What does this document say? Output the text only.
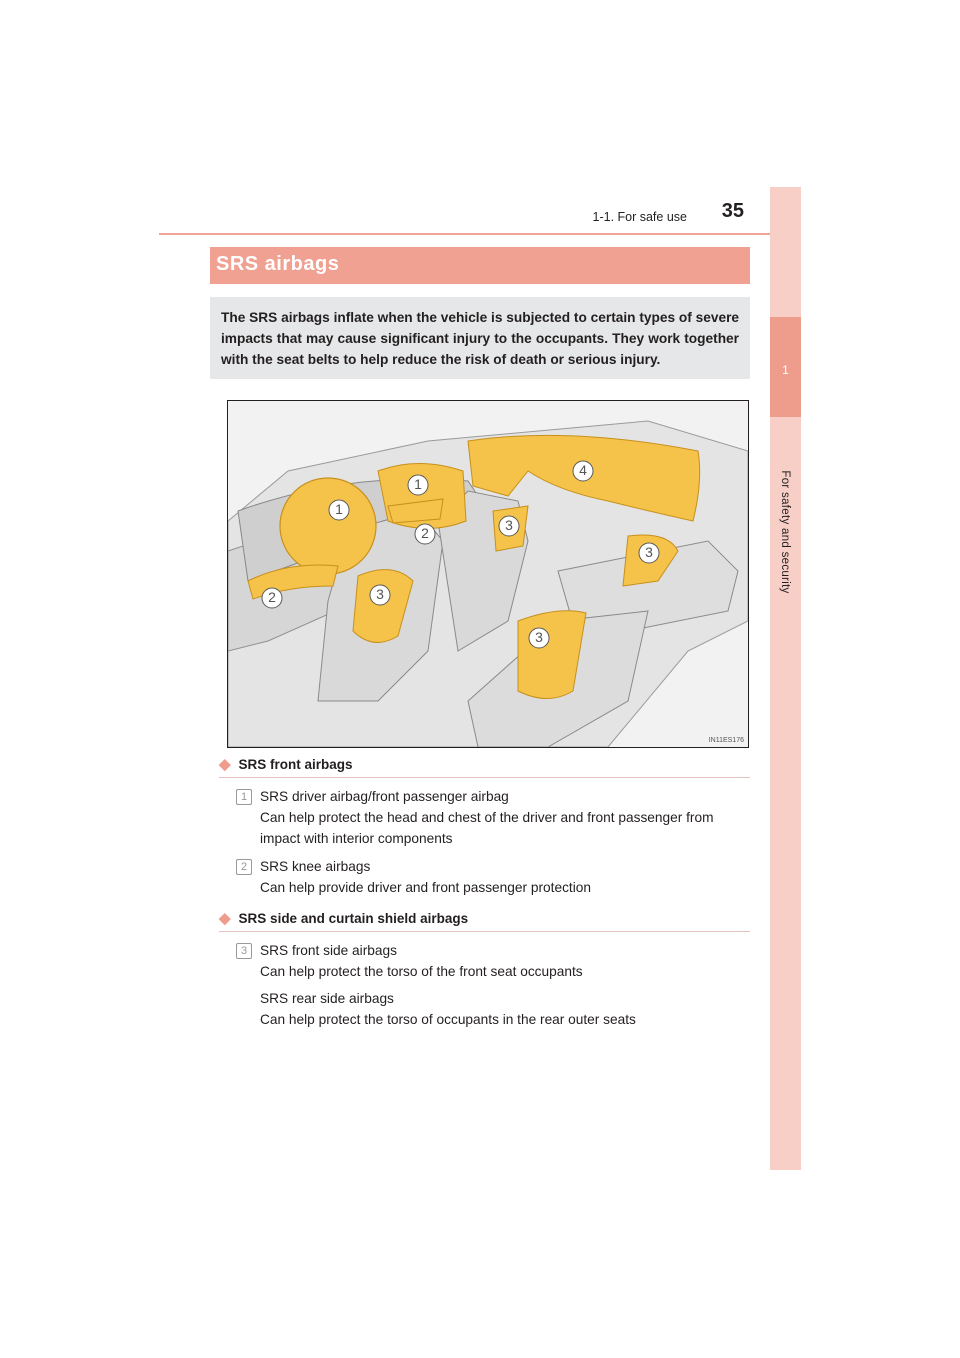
1-1. For safe use	35
1
For safety and security
SRS airbags
The SRS airbags inflate when the vehicle is subjected to certain types of severe impacts that may cause significant injury to the occupants. They work together with the seat belts to help reduce the risk of death or serious injury.
1
1
2
2
3
3
3
3
4
IN11ES176
◆ SRS front airbags
1 SRS driver airbag/front passenger airbag
Can help protect the head and chest of the driver and front passenger from impact with interior components
2 SRS knee airbags
Can help provide driver and front passenger protection
◆ SRS side and curtain shield airbags
3 SRS front side airbags
Can help protect the torso of the front seat occupants
SRS rear side airbags
Can help protect the torso of occupants in the rear outer seats
